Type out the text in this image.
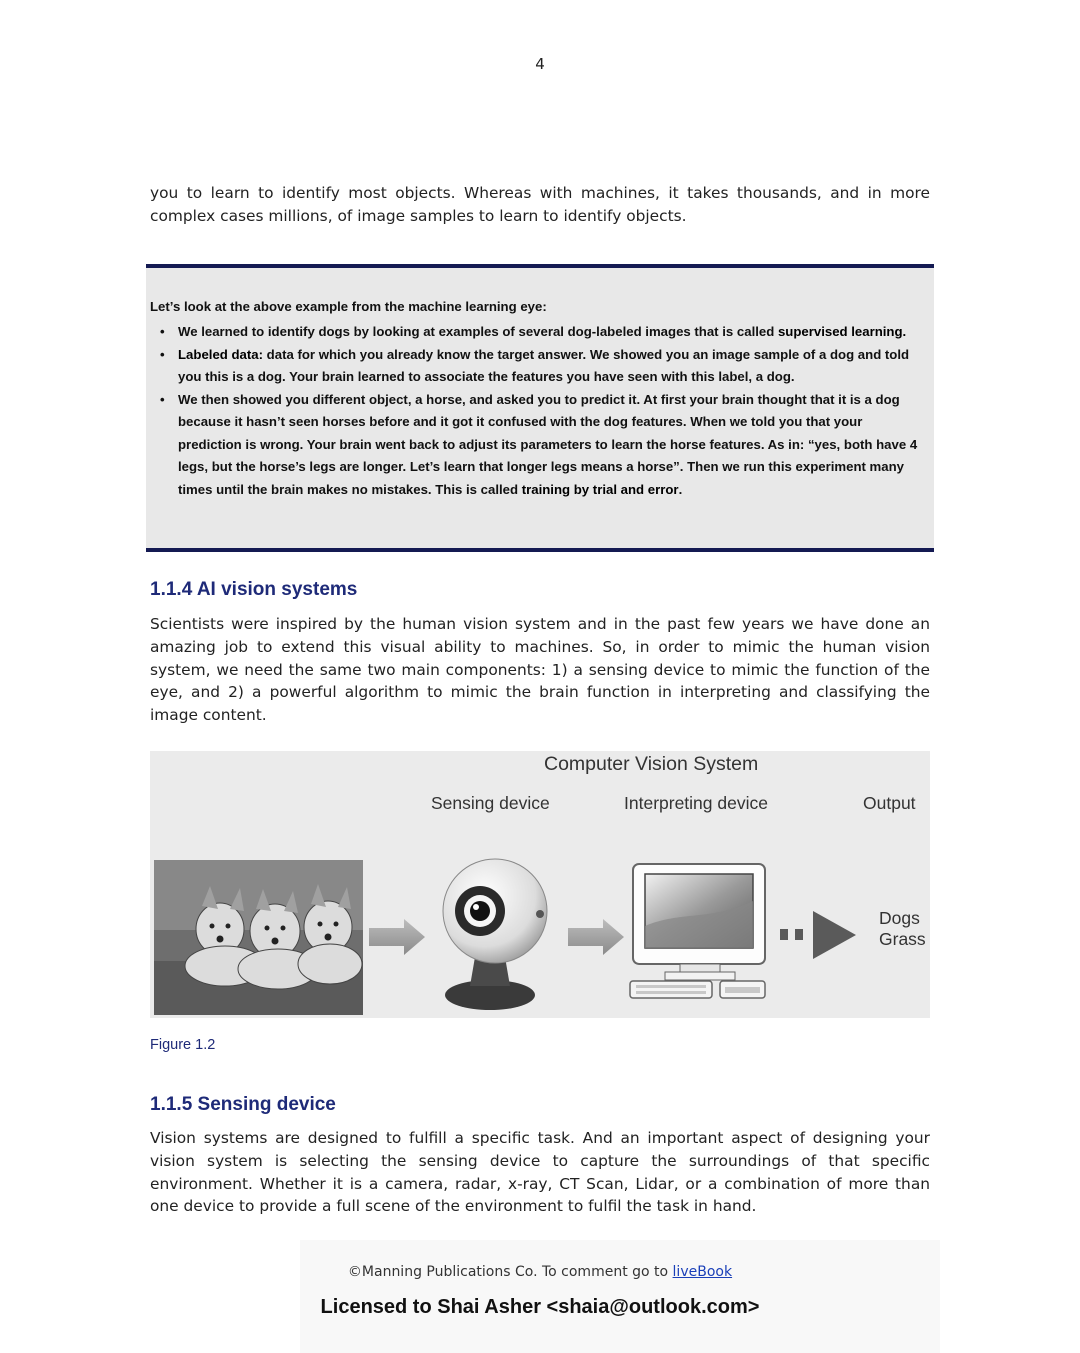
4

you to learn to identify most objects. Whereas with machines, it takes thousands, and in more complex cases millions, of image samples to learn to identify objects.

Let’s look at the above example from the machine learning eye:

• We learned to identify dogs by looking at examples of several dog-labeled images that is called supervised learning.
• Labeled data: data for which you already know the target answer. We showed you an image sample of a dog and told you this is a dog. Your brain learned to associate the features you have seen with this label, a dog.
• We then showed you different object, a horse, and asked you to predict it. At first your brain thought that it is a dog because it hasn’t seen horses before and it got it confused with the dog features. When we told you that your prediction is wrong. Your brain went back to adjust its parameters to learn the horse features. As in: “yes, both have 4 legs, but the horse’s legs are longer. Let’s learn that longer legs means a horse”. Then we run this experiment many times until the brain makes no mistakes. This is called training by trial and error.
1.1.4 AI vision systems

Scientists were inspired by the human vision system and in the past few years we have done an amazing job to extend this visual ability to machines. So, in order to mimic the human vision system, we need the same two main components: 1) a sensing device to mimic the function of the eye, and 2) a powerful algorithm to mimic the brain function in interpreting and classifying the image content.

Computer Vision System
Sensing device	Interpreting device	Output
Dogs
Grass
Figure 1.2
1.1.5 Sensing device

Vision systems are designed to fulfill a specific task. And an important aspect of designing your vision system is selecting the sensing device to capture the surroundings of that specific environment. Whether it is a camera, radar, x-ray, CT Scan, Lidar, or a combination of more than one device to provide a full scene of the environment to fulfil the task in hand.

©Manning Publications Co. To comment go to liveBook
Licensed to Shai Asher <shaia@outlook.com>
